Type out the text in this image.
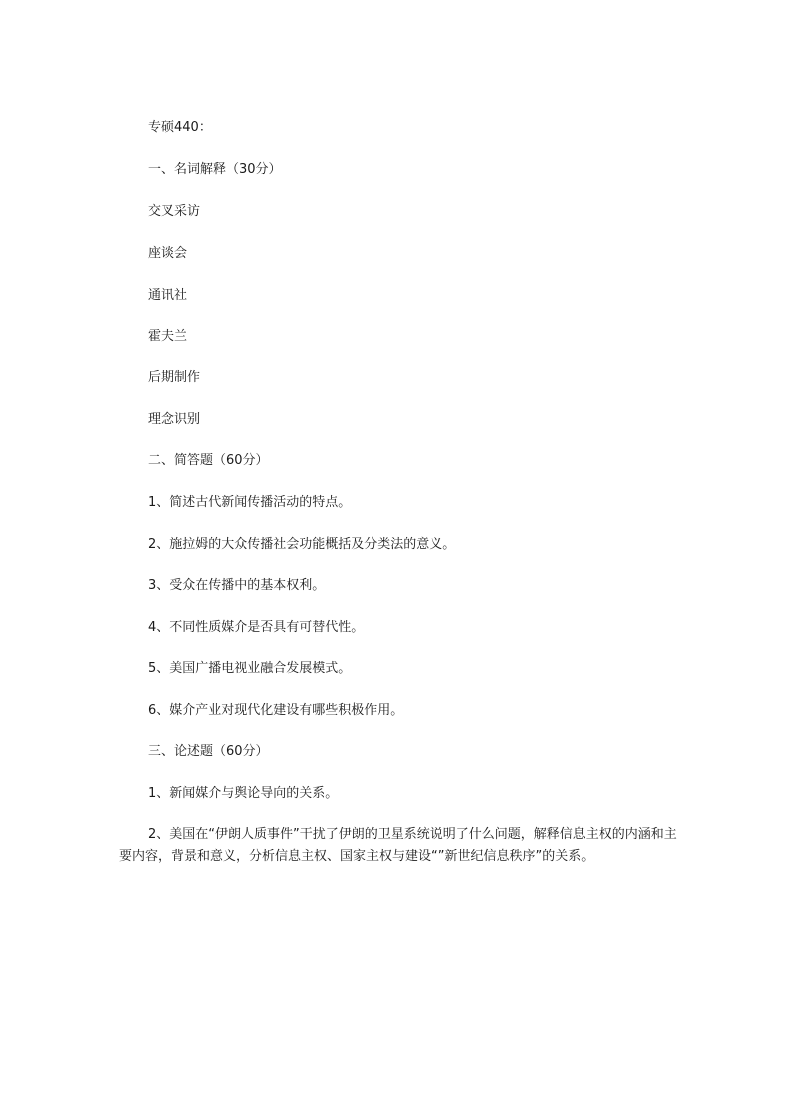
专硕440：
一、名词解释（30分）
交叉采访
座谈会
通讯社
霍夫兰
后期制作
理念识别
二、简答题（60分）
1、简述古代新闻传播活动的特点。
2、施拉姆的大众传播社会功能概括及分类法的意义。
3、受众在传播中的基本权利。
4、不同性质媒介是否具有可替代性。
5、美国广播电视业融合发展模式。
6、媒介产业对现代化建设有哪些积极作用。
三、论述题（60分）
1、新闻媒介与舆论导向的关系。
2、美国在“伊朗人质事件”干扰了伊朗的卫星系统说明了什么问题，解释信息主权的内涵和主要内容，背景和意义，分析信息主权、国家主权与建设“”新世纪信息秩序”的关系。
